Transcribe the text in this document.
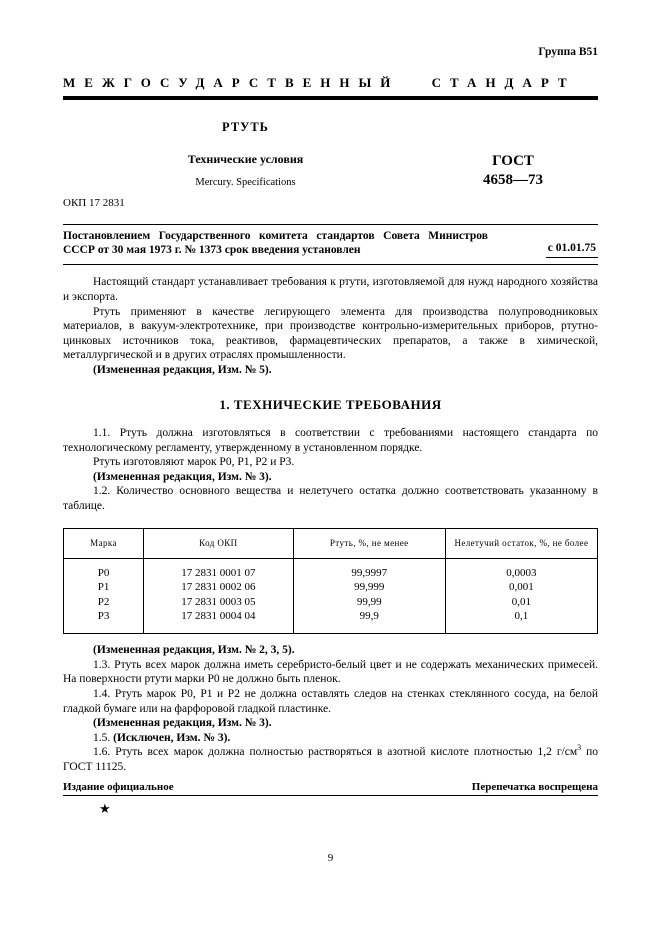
Группа В51
МЕЖГОСУДАРСТВЕННЫЙ СТАНДАРТ
РТУТЬ
Технические условия
Mercury. Specifications
ГОСТ
4658—73
ОКП 17 2831
Постановлением Государственного комитета стандартов Совета Министров СССР от 30 мая 1973 г. № 1373 срок введения установлен	с 01.01.75

Настоящий стандарт устанавливает требования к ртути, изготовляемой для нужд народного хозяйства и экспорта.

Ртуть применяют в качестве легирующего элемента для производства полупроводниковых материалов, в вакуум-электротехнике, при производстве контрольно-измерительных приборов, ртутно-цинковых источников тока, реактивов, фармацевтических препаратов, а также в химической, металлургической и в других отраслях промышленности.

(Измененная редакция, Изм. № 5).

1. ТЕХНИЧЕСКИЕ ТРЕБОВАНИЯ

1.1. Ртуть должна изготовляться в соответствии с требованиями настоящего стандарта по технологическому регламенту, утвержденному в установленном порядке.

Ртуть изготовляют марок Р0, Р1, Р2 и Р3.

(Измененная редакция, Изм. № 3).

1.2. Количество основного вещества и нелетучего остатка должно соответствовать указанному в таблице.

Марка	Код ОКП	Ртуть, %, не менее	Нелетучий остаток, %, не более
Р0	17 2831 0001 07	99,9997	0,0003
Р1	17 2831 0002 06	99,999	0,001
Р2	17 2831 0003 05	99,99	0,01
Р3	17 2831 0004 04	99,9	0,1

(Измененная редакция, Изм. № 2, 3, 5).

1.3. Ртуть всех марок должна иметь серебристо-белый цвет и не содержать механических примесей. На поверхности ртути марки Р0 не должно быть пленок.

1.4. Ртуть марок Р0, Р1 и Р2 не должна оставлять следов на стенках стеклянного сосуда, на белой гладкой бумаге или на фарфоровой гладкой пластинке.

(Измененная редакция, Изм. № 3).

1.5. (Исключен, Изм. № 3).

1.6. Ртуть всех марок должна полностью растворяться в азотной кислоте плотностью 1,2 $г/см^3$ по ГОСТ 11125.

Издание официальное	Перепечатка воспрещена
★
9
